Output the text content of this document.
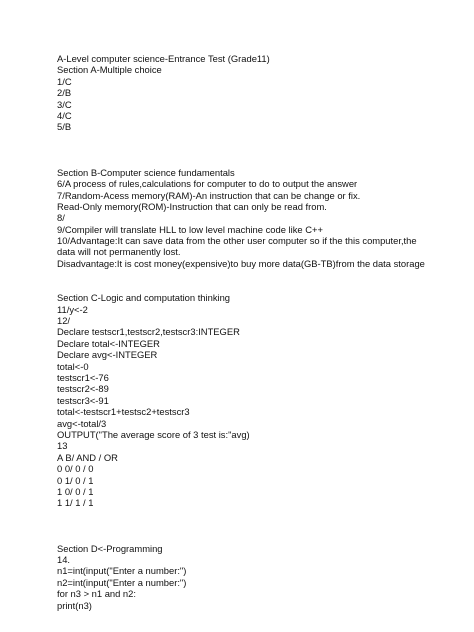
A-Level computer science-Entrance Test (Grade11)

Section A-Multiple choice

1/C

2/B

3/C

4/C

5/B

Section B-Computer science fundamentals

6/A process of rules,calculations for computer to do to output the answer

7/Random-Acess memory(RAM)-An instruction that can be change or fix.

Read-Only memory(ROM)-Instruction that can only be read from.

8/

9/Compiler will translate HLL to low level machine code like C++

10/Advantage:It can save data from the other user computer so if the this computer,the data will not permanently lost.

Disadvantage:It is cost money(expensive)to buy more data(GB-TB)from the data storage

Section C-Logic and computation thinking

11/y<-2

12/

Declare testscr1,testscr2,testscr3:INTEGER

Declare total<-INTEGER

Declare avg<-INTEGER

total<-0

testscr1<-76

testscr2<-89

testscr3<-91

total<-testscr1+testsc2+testscr3

avg<-total/3

OUTPUT("The average score of 3 test is:"avg)

13

A B/ AND / OR

0 0/ 0 / 0

0 1/ 0 / 1

1 0/ 0 / 1

1 1/ 1 / 1

Section D<-Programming

14.

n1=int(input("Enter a number:")

n2=int(input("Enter a number:")

for n3 > n1 and n2:

print(n3)
